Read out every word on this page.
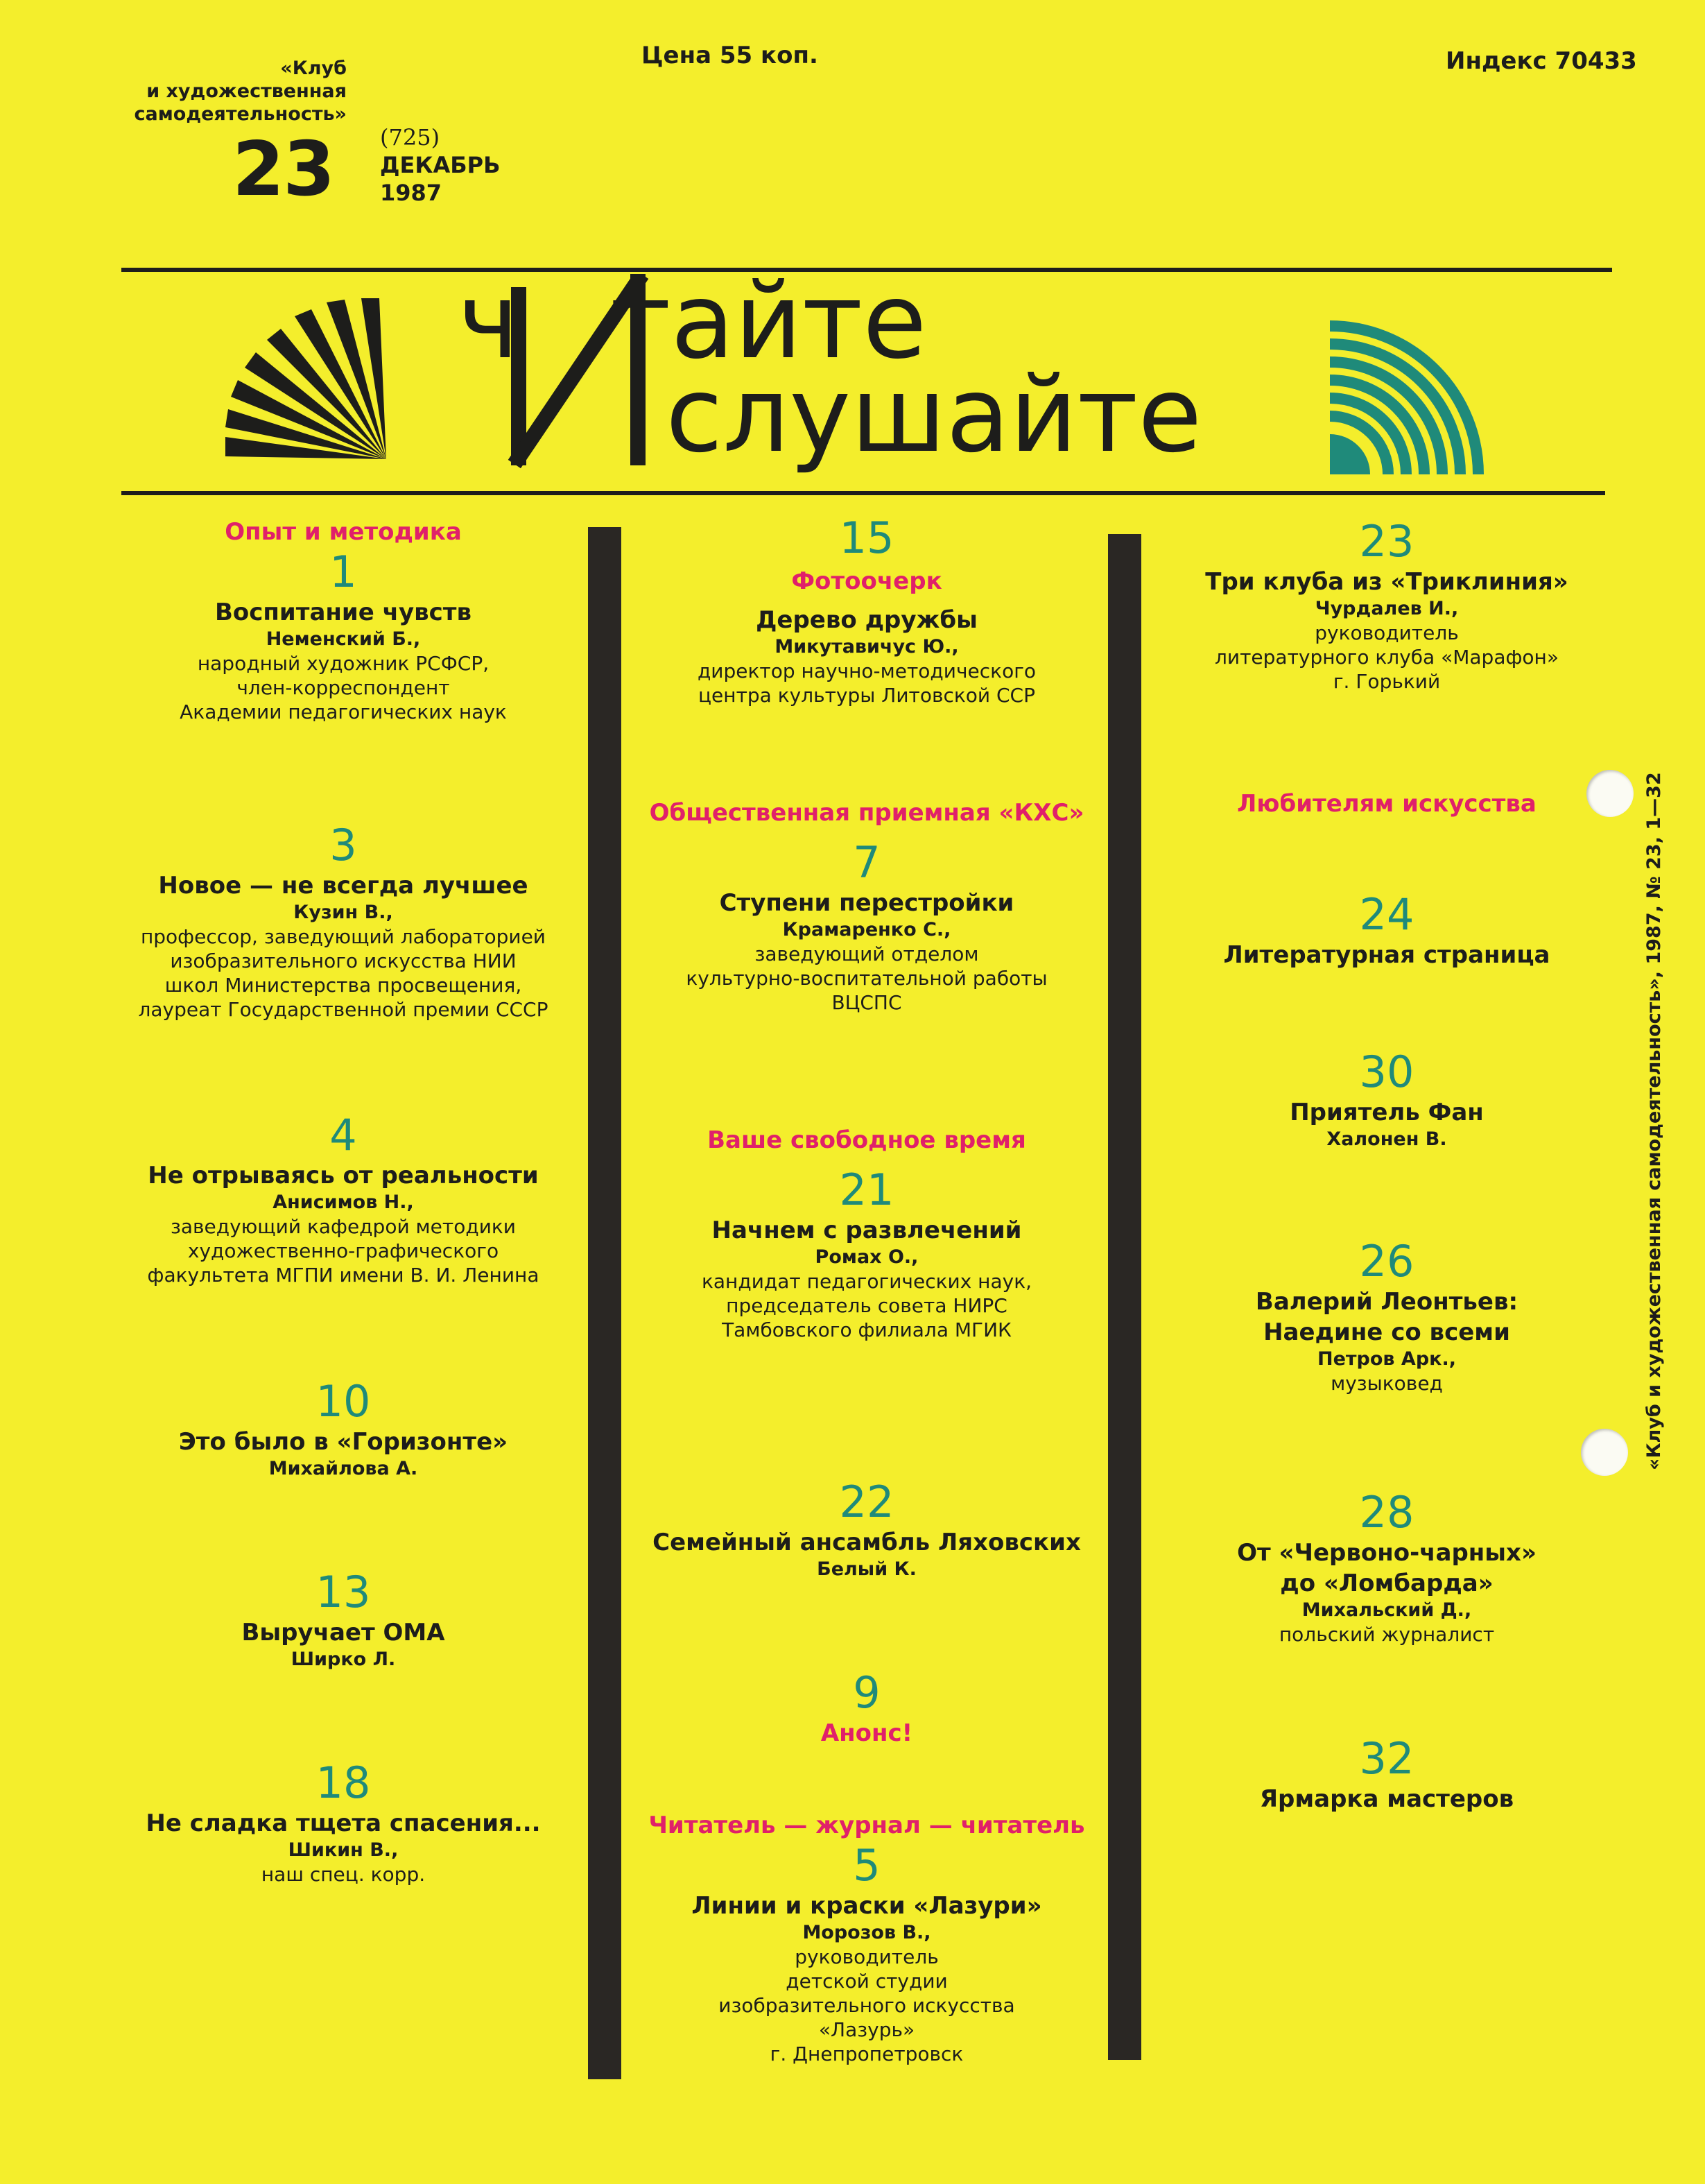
«Клуб
и художественная
самодеятельность»
Цена 55 коп.	Индекс 70433
23 (725)
ДЕКАБРЬ
1987
ч тайте
слушайте
Опыт и методика
1
Воспитание чувств
Неменский Б.,
народный художник РСФСР,
член-корреспондент
Академии педагогических наук
3
Новое — не всегда лучшее
Кузин В.,
профессор, заведующий лабораторией
изобразительного искусства НИИ
школ Министерства просвещения,
лауреат Государственной премии СССР
4
Не отрываясь от реальности
Анисимов Н.,
заведующий кафедрой методики
художественно-графического
факультета МГПИ имени В. И. Ленина
10
Это было в «Горизонте»
Михайлова А.
13
Выручает ОМА
Ширко Л.
18
Не сладка тщета спасения...
Шикин В.,
наш спец. корр.
15
Фотоочерк
Дерево дружбы
Микутавичус Ю.,
директор научно-методического
центра культуры Литовской ССР
Общественная приемная «КХС»
7
Ступени перестройки
Крамаренко С.,
заведующий отделом
культурно-воспитательной работы
ВЦСПС
Ваше свободное время
21
Начнем с развлечений
Ромах О.,
кандидат педагогических наук,
председатель совета НИРС
Тамбовского филиала МГИК
22
Семейный ансамбль Ляховских
Белый К.
9
Анонс!
Читатель — журнал — читатель
5
Линии и краски «Лазури»
Морозов В.,
руководитель
детской студии
изобразительного искусства
«Лазурь»
г. Днепропетровск
23
Три клуба из «Триклиния»
Чурдалев И.,
руководитель
литературного клуба «Марафон»
г. Горький
Любителям искусства
24
Литературная страница
30
Приятель Фан
Халонен В.
26
Валерий Леонтьев:
Наедине со всеми
Петров Арк.,
музыковед
28
От «Червоно-чарных»
до «Ломбарда»
Михальский Д.,
польский журналист
32
Ярмарка мастеров
«Клуб и художественная самодеятельность», 1987, № 23, 1—32
